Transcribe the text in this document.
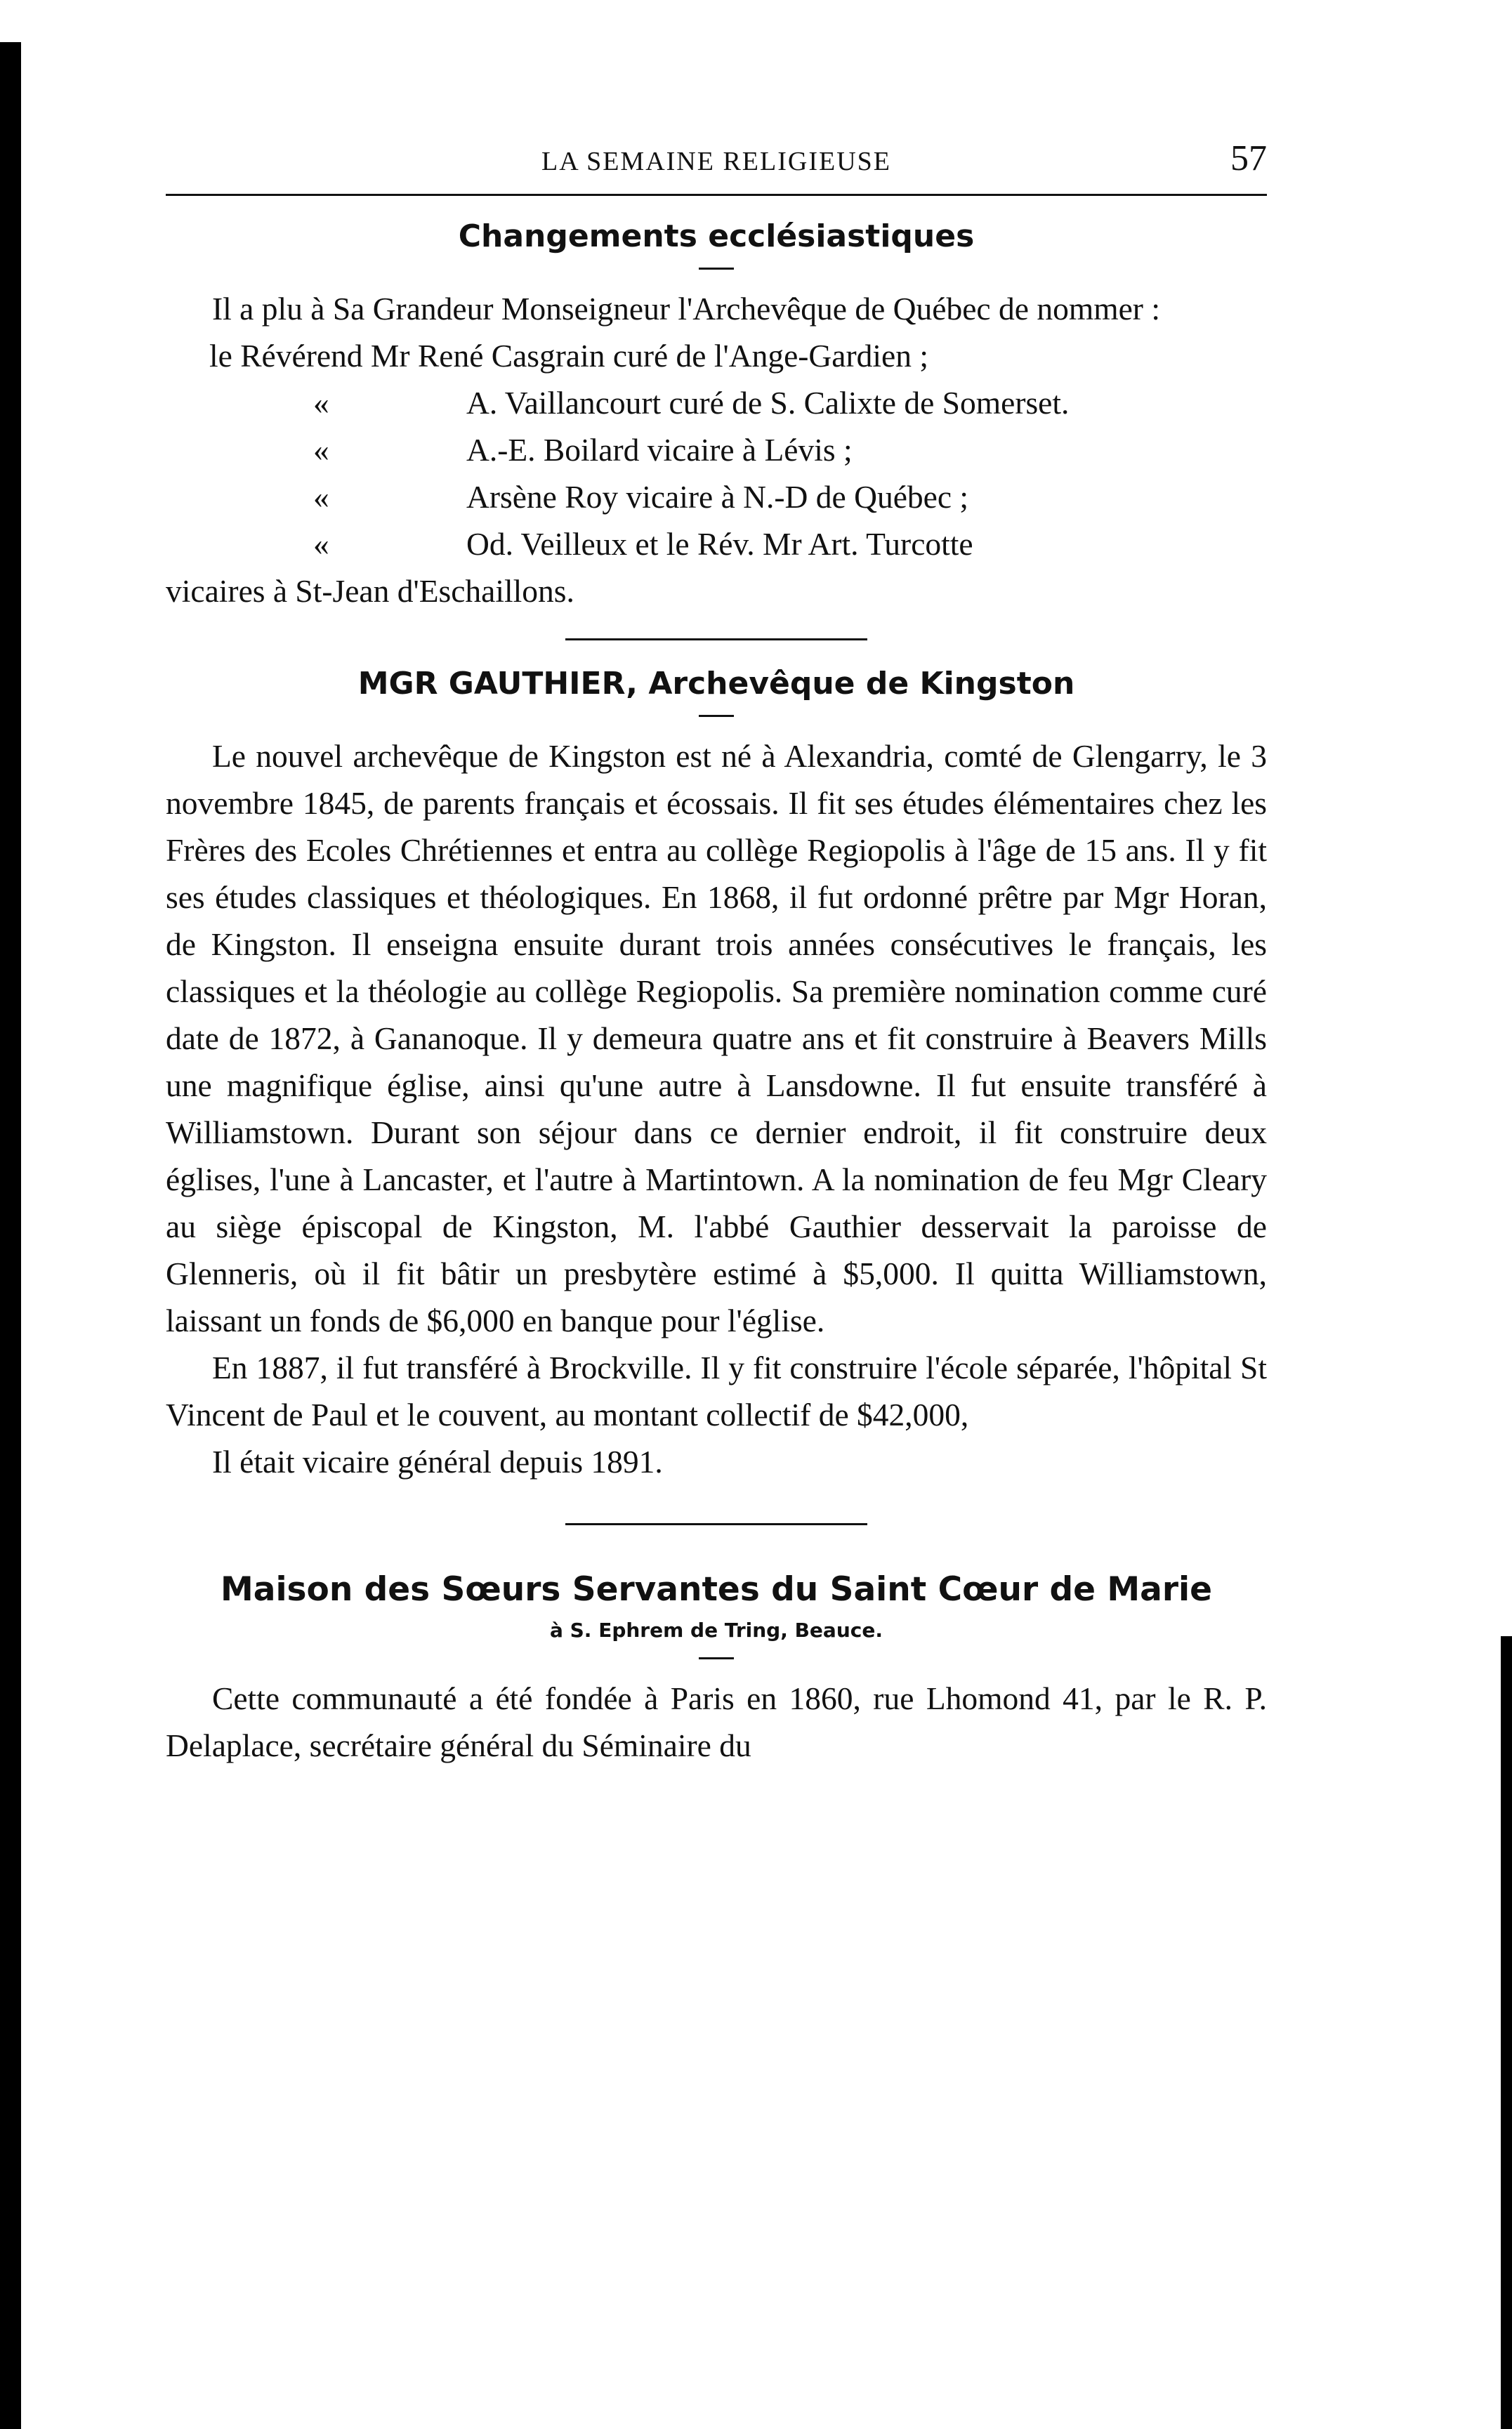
LA SEMAINE RELIGIEUSE	57
Changements ecclésiastiques

Il a plu à Sa Grandeur Monseigneur l'Archevêque de Québec de nommer :

le Révérend Mr René Casgrain curé de l'Ange-Gardien ;

«	A. Vaillancourt curé de S. Calixte de Somerset.
«	A.-E. Boilard vicaire à Lévis ;
«	Arsène Roy vicaire à N.-D de Québec ;
«	Od. Veilleux et le Rév. Mr Art. Turcotte

vicaires à St-Jean d'Eschaillons.

MGR GAUTHIER, Archevêque de Kingston

Le nouvel archevêque de Kingston est né à Alexandria, comté de Glengarry, le 3 novembre 1845, de parents français et écossais. Il fit ses études élémentaires chez les Frères des Ecoles Chrétiennes et entra au collège Regiopolis à l'âge de 15 ans. Il y fit ses études classiques et théologiques. En 1868, il fut ordonné prêtre par Mgr Horan, de Kingston. Il enseigna ensuite durant trois années consécutives le français, les classiques et la théologie au collège Regiopolis. Sa première nomination comme curé date de 1872, à Gananoque. Il y demeura quatre ans et fit construire à Beavers Mills une magnifique église, ainsi qu'une autre à Lansdowne. Il fut ensuite transféré à Williamstown. Durant son séjour dans ce dernier endroit, il fit construire deux églises, l'une à Lancaster, et l'autre à Martintown. A la nomination de feu Mgr Cleary au siège épiscopal de Kingston, M. l'abbé Gauthier desservait la paroisse de Glenneris, où il fit bâtir un presbytère estimé à $5,000. Il quitta Williamstown, laissant un fonds de $6,000 en banque pour l'église.

En 1887, il fut transféré à Brockville. Il y fit construire l'école séparée, l'hôpital St Vincent de Paul et le couvent, au montant collectif de $42,000,

Il était vicaire général depuis 1891.

Maison des Sœurs Servantes du Saint Cœur de Marie
à S. Ephrem de Tring, Beauce.

Cette communauté a été fondée à Paris en 1860, rue Lhomond 41, par le R. P. Delaplace, secrétaire général du Séminaire du
